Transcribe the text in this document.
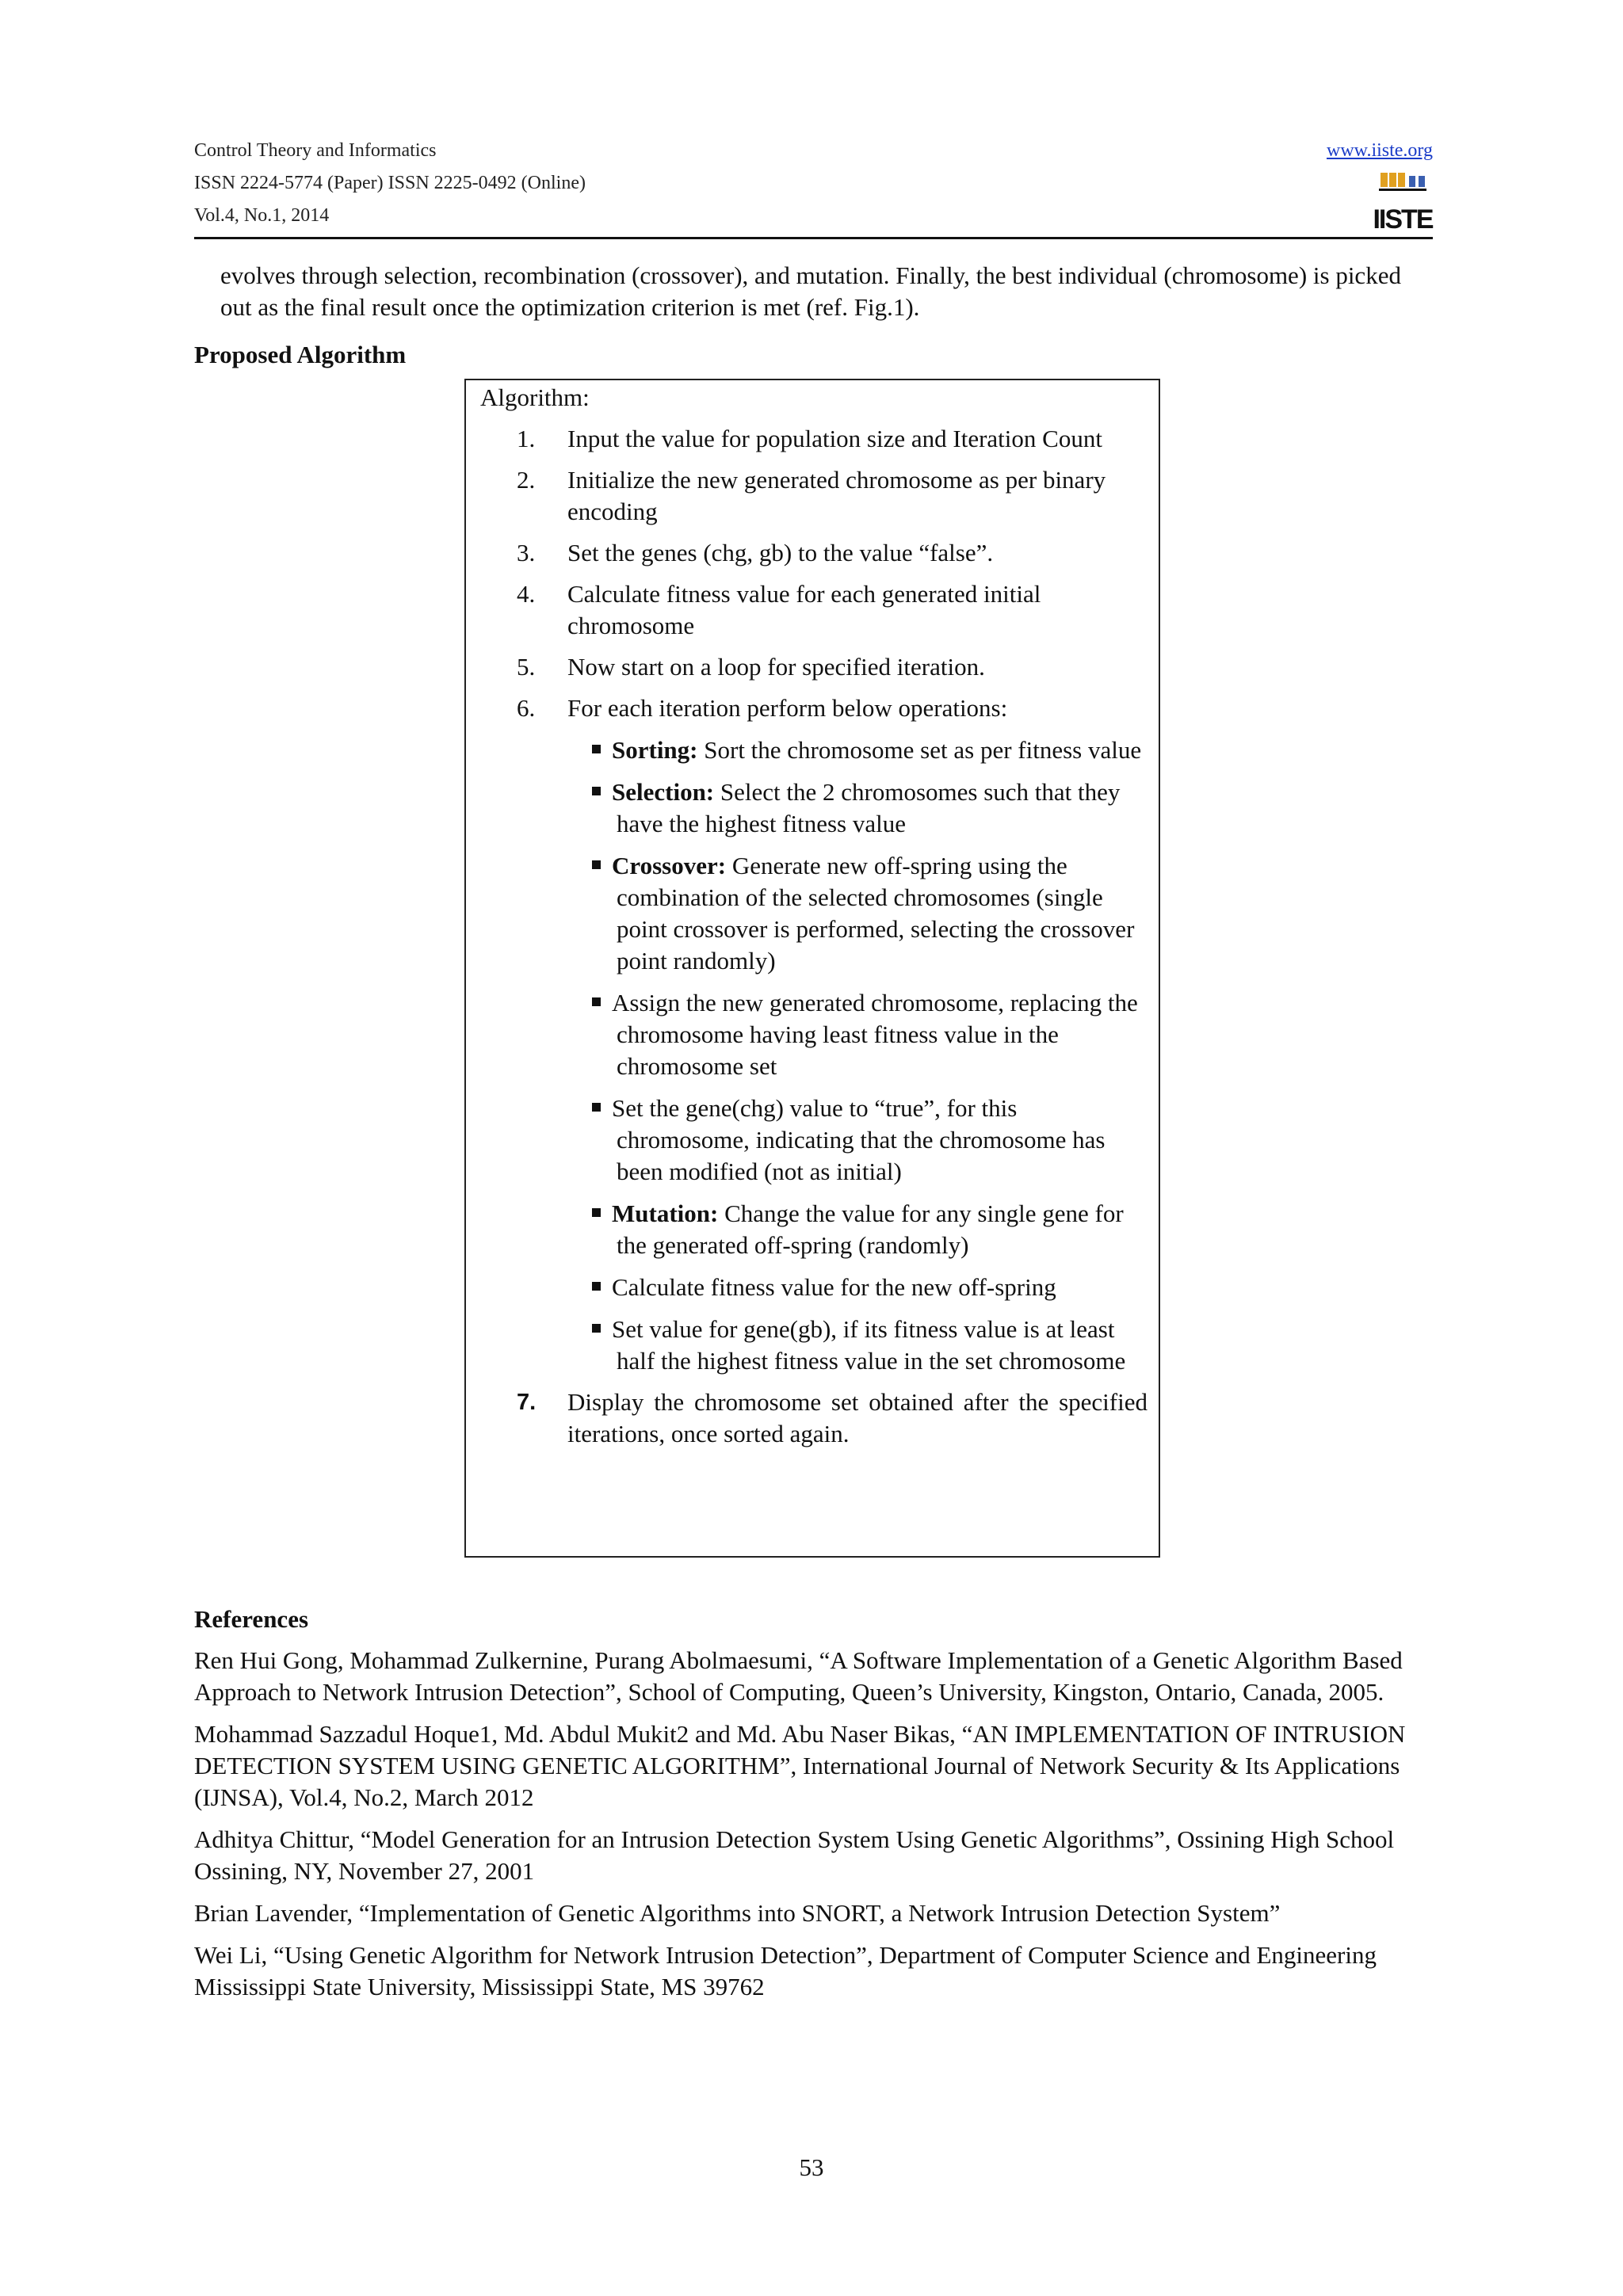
Control Theory and Informatics
ISSN 2224-5774 (Paper) ISSN 2225-0492 (Online)
Vol.4, No.1, 2014
www.iiste.org
IISTE
evolves through selection, recombination (crossover), and mutation. Finally, the best individual (chromosome) is picked out as the final result once the optimization criterion is met (ref. Fig.1).
Proposed Algorithm
Algorithm:
1. Input the value for population size and Iteration Count
2. Initialize the new generated chromosome as per binary encoding
3. Set the genes (chg, gb) to the value “false”.
4. Calculate fitness value for each generated initial chromosome
5. Now start on a loop for specified iteration.
6. For each iteration perform below operations:
Sorting: Sort the chromosome set as per fitness value
Selection: Select the 2 chromosomes such that they have the highest fitness value
Crossover: Generate new off-spring using the combination of the selected chromosomes (single point crossover is performed, selecting the crossover point randomly)
Assign the new generated chromosome, replacing the chromosome having least fitness value in the chromosome set
Set the gene(chg) value to “true”, for this chromosome, indicating that the chromosome has been modified (not as initial)
Mutation: Change the value for any single gene for the generated off-spring (randomly)
Calculate fitness value for the new off-spring
Set value for gene(gb), if its fitness value is at least half the highest fitness value in the set chromosome
7. Display the chromosome set obtained after the specified iterations, once sorted again.
References

Ren Hui Gong, Mohammad Zulkernine, Purang Abolmaesumi, “A Software Implementation of a Genetic Algorithm Based Approach to Network Intrusion Detection”, School of Computing, Queen’s University, Kingston, Ontario, Canada, 2005.

Mohammad Sazzadul Hoque1, Md. Abdul Mukit2 and Md. Abu Naser Bikas, “AN IMPLEMENTATION OF INTRUSION DETECTION SYSTEM USING GENETIC ALGORITHM”, International Journal of Network Security & Its Applications (IJNSA), Vol.4, No.2, March 2012

Adhitya Chittur, “Model Generation for an Intrusion Detection System Using Genetic Algorithms”, Ossining High School Ossining, NY, November 27, 2001

Brian Lavender, “Implementation of Genetic Algorithms into SNORT, a Network Intrusion Detection System”

Wei Li, “Using Genetic Algorithm for Network Intrusion Detection”, Department of Computer Science and Engineering Mississippi State University, Mississippi State, MS 39762

53
